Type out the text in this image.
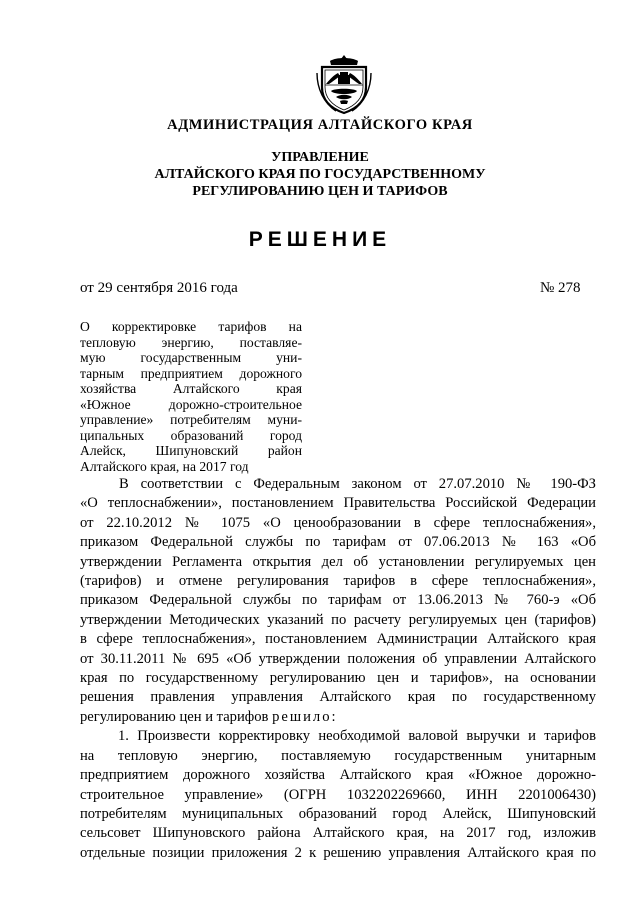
АДМИНИСТРАЦИЯ АЛТАЙСКОГО КРАЯ
УПРАВЛЕНИЕ
АЛТАЙСКОГО КРАЯ ПО ГОСУДАРСТВЕННОМУ
РЕГУЛИРОВАНИЮ ЦЕН И ТАРИФОВ
РЕШЕНИЕ
от 29 сентября 2016 года	№ 278
О корректировке тарифов на
тепловую энергию, поставляе-
мую государственным уни-
тарным предприятием дорожного
хозяйства Алтайского края
«Южное дорожно-строительное
управление» потребителям муни-
ципальных образований город
Алейск, Шипуновский район
Алтайского края, на 2017 год
В соответствии с Федеральным законом от 27.07.2010 № 190-ФЗ
«О теплоснабжении», постановлением Правительства Российской Федерации
от 22.10.2012 № 1075 «О ценообразовании в сфере теплоснабжения»,
приказом Федеральной службы по тарифам от 07.06.2013 № 163 «Об
утверждении Регламента открытия дел об установлении регулируемых цен
(тарифов) и отмене регулирования тарифов в сфере теплоснабжения»,
приказом Федеральной службы по тарифам от 13.06.2013 № 760-э «Об
утверждении Методических указаний по расчету регулируемых цен (тарифов)
в сфере теплоснабжения», постановлением Администрации Алтайского края
от 30.11.2011 № 695 «Об утверждении положения об управлении Алтайского
края по государственному регулированию цен и тарифов», на основании
решения правления управления Алтайского края по государственному
регулированию цен и тарифов решило:
1. Произвести корректировку необходимой валовой выручки и тарифов
на тепловую энергию, поставляемую государственным унитарным
предприятием дорожного хозяйства Алтайского края «Южное дорожно-
строительное управление» (ОГРН 1032202269660, ИНН 2201006430)
потребителям муниципальных образований город Алейск, Шипуновский
сельсовет Шипуновского района Алтайского края, на 2017 год, изложив
отдельные позиции приложения 2 к решению управления Алтайского края по
